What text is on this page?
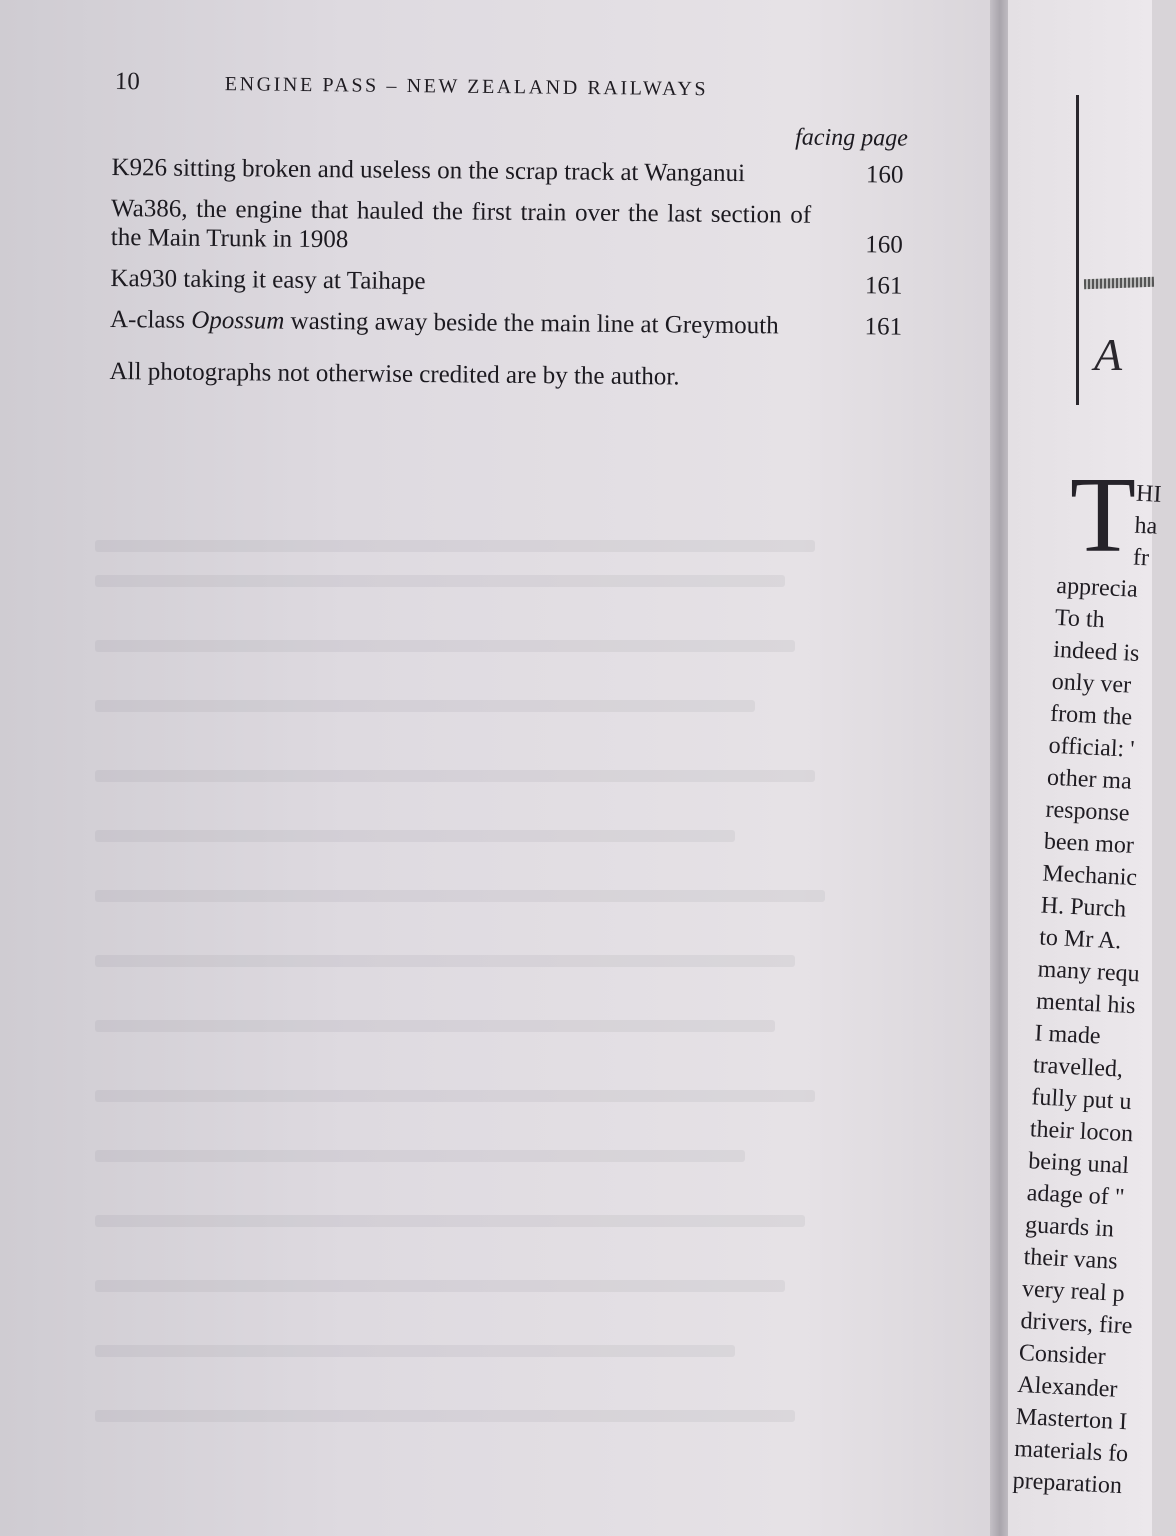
10	ENGINE PASS – NEW ZEALAND RAILWAYS
facing page
K926 sitting broken and useless on the scrap track at Wanganui	160
Wa386, the engine that hauled the first train over the last section of the Main Trunk in 1908	160
Ka930 taking it easy at Taihape	161
A-class Opossum wasting away beside the main line at Greymouth	161
All photographs not otherwise credited are by the author.	A
T HI
ha
fr
apprecia
To th
indeed is
only ver
from the
official: '
other ma
response
been mor
Mechanic
H. Purch
to Mr A.
many requ
mental his
I made
travelled,
fully put u
their locon
being unal
adage of "
guards in
their vans
very real p
drivers, fire
Consider
Alexander
Masterton I
materials fo
preparation
